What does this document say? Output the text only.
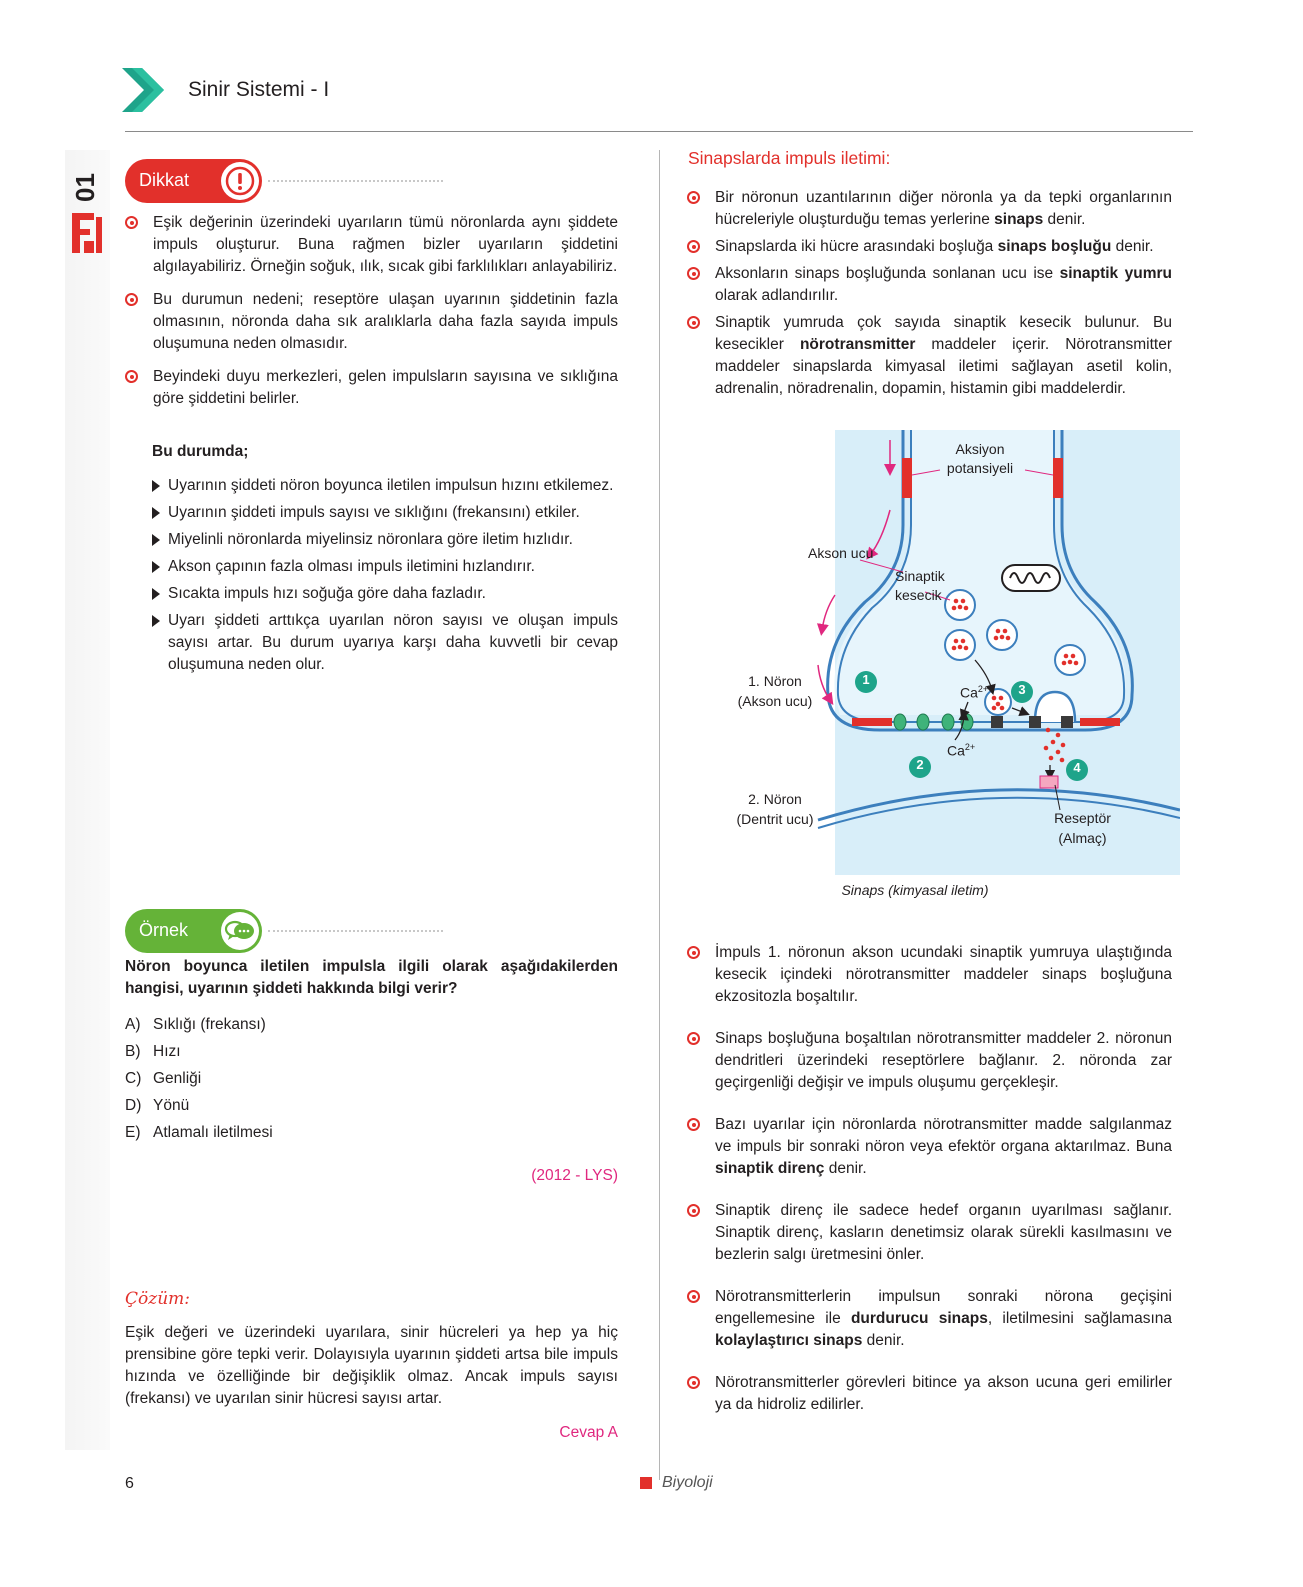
Sinir Sistemi - I
01	Dikkat
Eşik değerinin üzerindeki uyarıların tümü nöronlarda aynı şiddete impuls oluşturur. Buna rağmen bizler uyarıların şiddetini algılayabiliriz. Örneğin soğuk, ılık, sıcak gibi farklılıkları anlayabiliriz.
Bu durumun nedeni; reseptöre ulaşan uyarının şiddetinin fazla olmasının, nöronda daha sık aralıklarla daha fazla sayıda impuls oluşumuna neden olmasıdır.
Beyindeki duyu merkezleri, gelen impulsların sayısına ve sıklığına göre şiddetini belirler.
Bu durumda;
Uyarının şiddeti nöron boyunca iletilen impulsun hızını etkilemez.
Uyarının şiddeti impuls sayısı ve sıklığını (frekansını) etkiler.
Miyelinli nöronlarda miyelinsiz nöronlara göre iletim hızlıdır.
Akson çapının fazla olması impuls iletimini hızlandırır.
Sıcakta impuls hızı soğuğa göre daha fazladır.
Uyarı şiddeti arttıkça uyarılan nöron sayısı ve oluşan impuls sayısı artar. Bu durum uyarıya karşı daha kuvvetli bir cevap oluşumuna neden olur.
Örnek
Nöron boyunca iletilen impulsla ilgili olarak aşağıdakilerden hangisi, uyarının şiddeti hakkında bilgi verir?
A) Sıklığı (frekansı)
B) Hızı
C) Genliği
D) Yönü
E) Atlamalı iletilmesi
(2012 - LYS)
Çözüm:
Eşik değeri ve üzerindeki uyarılara, sinir hücreleri ya hep ya hiç prensibine göre tepki verir. Dolayısıyla uyarının şiddeti artsa bile impuls hızında ve özelliğinde bir değişiklik olmaz. Ancak impuls sayısı (frekansı) ve uyarılan sinir hücresi sayısı artar.
Cevap A
Sinapslarda impuls iletimi:
Bir nöronun uzantılarının diğer nöronla ya da tepki organlarının hücreleriyle oluşturduğu temas yerlerine sinaps denir.
Sinapslarda iki hücre arasındaki boşluğa sinaps boşluğu denir.
Aksonların sinaps boşluğunda sonlanan ucu ise sinaptik yumru olarak adlandırılır.
Sinaptik yumruda çok sayıda sinaptik kesecik bulunur. Bu kesecikler nörotransmitter maddeler içerir. Nörotransmitter maddeler sinapslarda kimyasal iletimi sağlayan asetil kolin, adrenalin, nöradrenalin, dopamin, histamin gibi maddelerdir.
Aksiyon
potansiyeli
Akson ucu
Sinaptik
kesecik
1. Nöron
(Akson ucu)
2. Nöron
(Dentrit ucu)	Reseptör
(Almaç)
$Ca^{2+}$
$Ca^{2+}$
1
2
3
4
Sinaps (kimyasal iletim)
İmpuls 1. nöronun akson ucundaki sinaptik yumruya ulaştığında kesecik içindeki nörotransmitter maddeler sinaps boşluğuna ekzositozla boşaltılır.
Sinaps boşluğuna boşaltılan nörotransmitter maddeler 2. nöronun dendritleri üzerindeki reseptörlere bağlanır. 2. nöronda zar geçirgenliği değişir ve impuls oluşumu gerçekleşir.
Bazı uyarılar için nöronlarda nörotransmitter madde salgılanmaz ve impuls bir sonraki nöron veya efektör organa aktarılmaz. Buna sinaptik direnç denir.
Sinaptik direnç ile sadece hedef organın uyarılması sağlanır. Sinaptik direnç, kasların denetimsiz olarak sürekli kasılmasını ve bezlerin salgı üretmesini önler.
Nörotransmitterlerin impulsun sonraki nörona geçişini engellemesine ile durdurucu sinaps, iletilmesini sağlamasına kolaylaştırıcı sinaps denir.
Nörotransmitterler görevleri bitince ya akson ucuna geri emilirler ya da hidroliz edilirler.
6	Biyoloji
